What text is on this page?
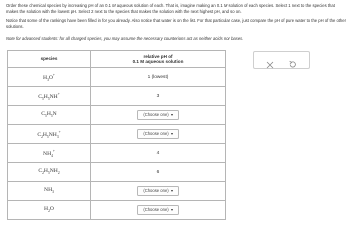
Order these chemical species by increasing pH of an 0.1 M aqueous solution of each. That is, imagine making an 0.1 M solution of each species. Select 1 next to the species that makes the solution with the lowest pH. Select 2 next to the species that makes the solution with the next highest pH, and so on.

Notice that some of the rankings have been filled in for you already. Also notice that water is on the list. For that particular case, just compare the pH of pure water to the pH of the other solutions.

Note for advanced students: for all charged species, you may assume the necessary counterions act as neither acids nor bases.
species	relative pH of
0.1 M aqueous solution
$H_3O^+$	1 (lowest)
$C_5H_5NH^+$	3
$C_5H_5N$	(Choose one)
$C_2H_5NH_3^+$	(Choose one)
$NH_4^+$	4
$C_2H_5NH_2$	6
$NH_3$	(Choose one)
$H_2O$	(Choose one)
